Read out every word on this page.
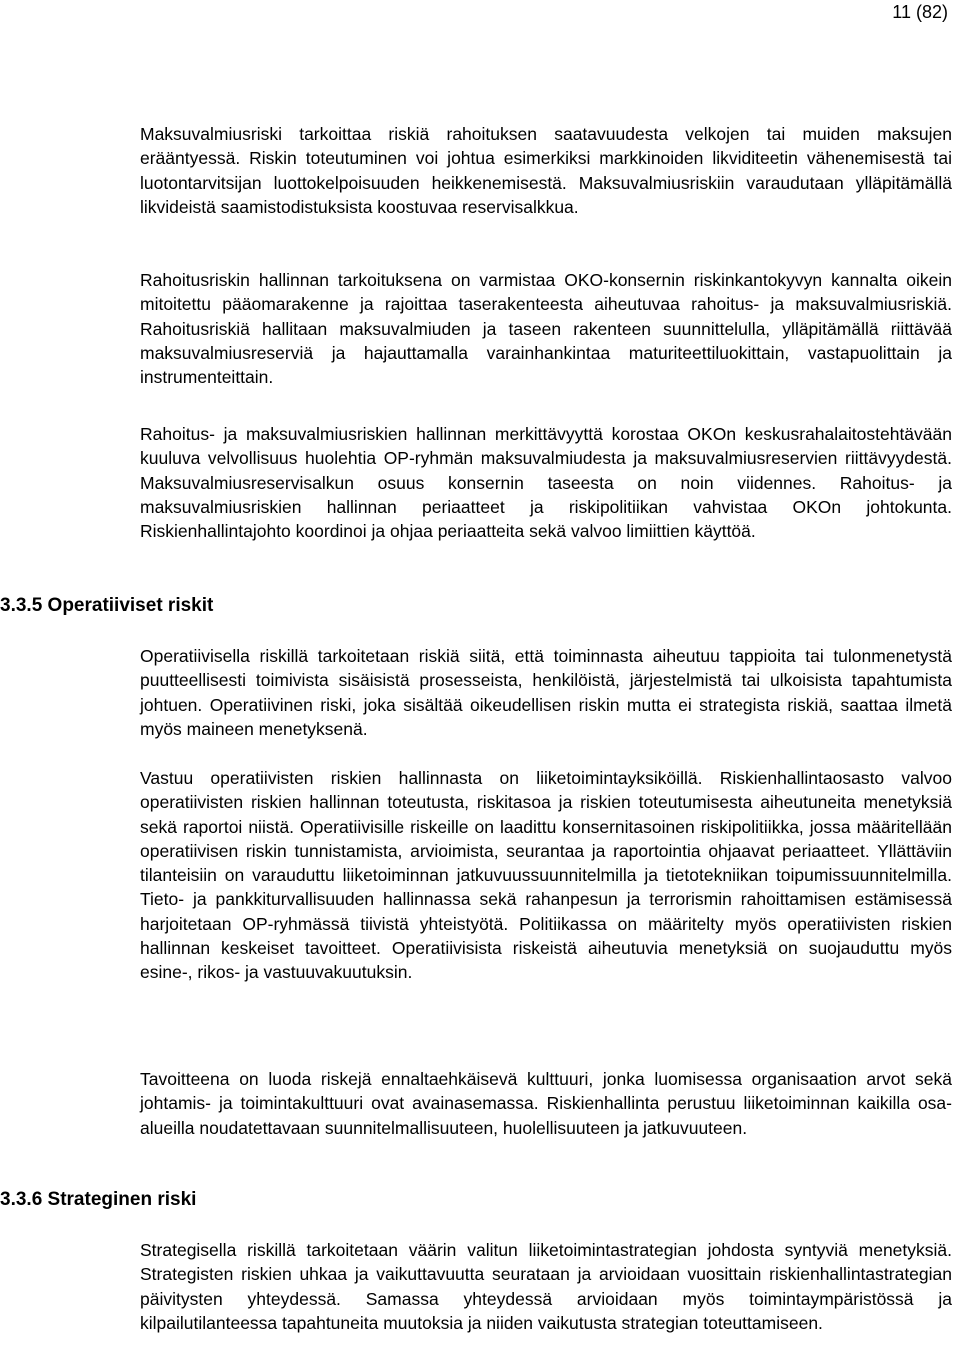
11 (82)

Maksuvalmiusriski tarkoittaa riskiä rahoituksen saatavuudesta velkojen tai muiden maksujen erääntyessä. Riskin toteutuminen voi johtua esimerkiksi markkinoiden likviditeetin vähenemisestä tai luotontarvitsijan luottokelpoisuuden heikkenemisestä. Maksuvalmiusriskiin varaudutaan ylläpitämällä likvideistä saamistodistuksista koostuvaa reservisalkkua.

Rahoitusriskin hallinnan tarkoituksena on varmistaa OKO-konsernin riskinkantokyvyn kannalta oikein mitoitettu pääomarakenne ja rajoittaa taserakenteesta aiheutuvaa rahoitus- ja maksuvalmiusriskiä. Rahoitusriskiä hallitaan maksuvalmiuden ja taseen rakenteen suunnittelulla, ylläpitämällä riittävää maksuvalmiusreserviä ja hajauttamalla varainhankintaa maturiteettiluokittain, vastapuolittain ja instrumenteittain.

Rahoitus- ja maksuvalmiusriskien hallinnan merkittävyyttä korostaa OKOn keskusrahalaitostehtävään kuuluva velvollisuus huolehtia OP-ryhmän maksuvalmiudesta ja maksuvalmiusreservien riittävyydestä. Maksuvalmiusreservisalkun osuus konsernin taseesta on noin viidennes. Rahoitus- ja maksuvalmiusriskien hallinnan periaatteet ja riskipolitiikan vahvistaa OKOn johtokunta. Riskienhallintajohto koordinoi ja ohjaa periaatteita sekä valvoo limiittien käyttöä.

3.3.5 Operatiiviset riskit

Operatiivisella riskillä tarkoitetaan riskiä siitä, että toiminnasta aiheutuu tappioita tai tulonmenetystä puutteellisesti toimivista sisäisistä prosesseista, henkilöistä, järjestelmistä tai ulkoisista tapahtumista johtuen. Operatiivinen riski, joka sisältää oikeudellisen riskin mutta ei strategista riskiä, saattaa ilmetä myös maineen menetyksenä.

Vastuu operatiivisten riskien hallinnasta on liiketoimintayksiköillä. Riskienhallintaosasto valvoo operatiivisten riskien hallinnan toteutusta, riskitasoa ja riskien toteutumisesta aiheutuneita menetyksiä sekä raportoi niistä. Operatiivisille riskeille on laadittu konsernitasoinen riskipolitiikka, jossa määritellään operatiivisen riskin tunnistamista, arvioimista, seurantaa ja raportointia ohjaavat periaatteet. Yllättäviin tilanteisiin on varauduttu liiketoiminnan jatkuvuussuunnitelmilla ja tietotekniikan toipumissuunnitelmilla. Tieto- ja pankkiturvallisuuden hallinnassa sekä rahanpesun ja terrorismin rahoittamisen estämisessä harjoitetaan OP-ryhmässä tiivistä yhteistyötä. Politiikassa on määritelty myös operatiivisten riskien hallinnan keskeiset tavoitteet. Operatiivisista riskeistä aiheutuvia menetyksiä on suojauduttu myös esine-, rikos- ja vastuuvakuutuksin.

Tavoitteena on luoda riskejä ennaltaehkäisevä kulttuuri, jonka luomisessa organisaation arvot sekä johtamis- ja toimintakulttuuri ovat avainasemassa. Riskienhallinta perustuu liiketoiminnan kaikilla osa-alueilla noudatettavaan suunnitelmallisuuteen, huolellisuuteen ja jatkuvuuteen.

3.3.6 Strateginen riski

Strategisella riskillä tarkoitetaan väärin valitun liiketoimintastrategian johdosta syntyviä menetyksiä. Strategisten riskien uhkaa ja vaikuttavuutta seurataan ja arvioidaan vuosittain riskienhallintastrategian päivitysten yhteydessä. Samassa yhteydessä arvioidaan myös toimintaympäristössä ja kilpailutilanteessa tapahtuneita muutoksia ja niiden vaikutusta strategian toteuttamiseen.
